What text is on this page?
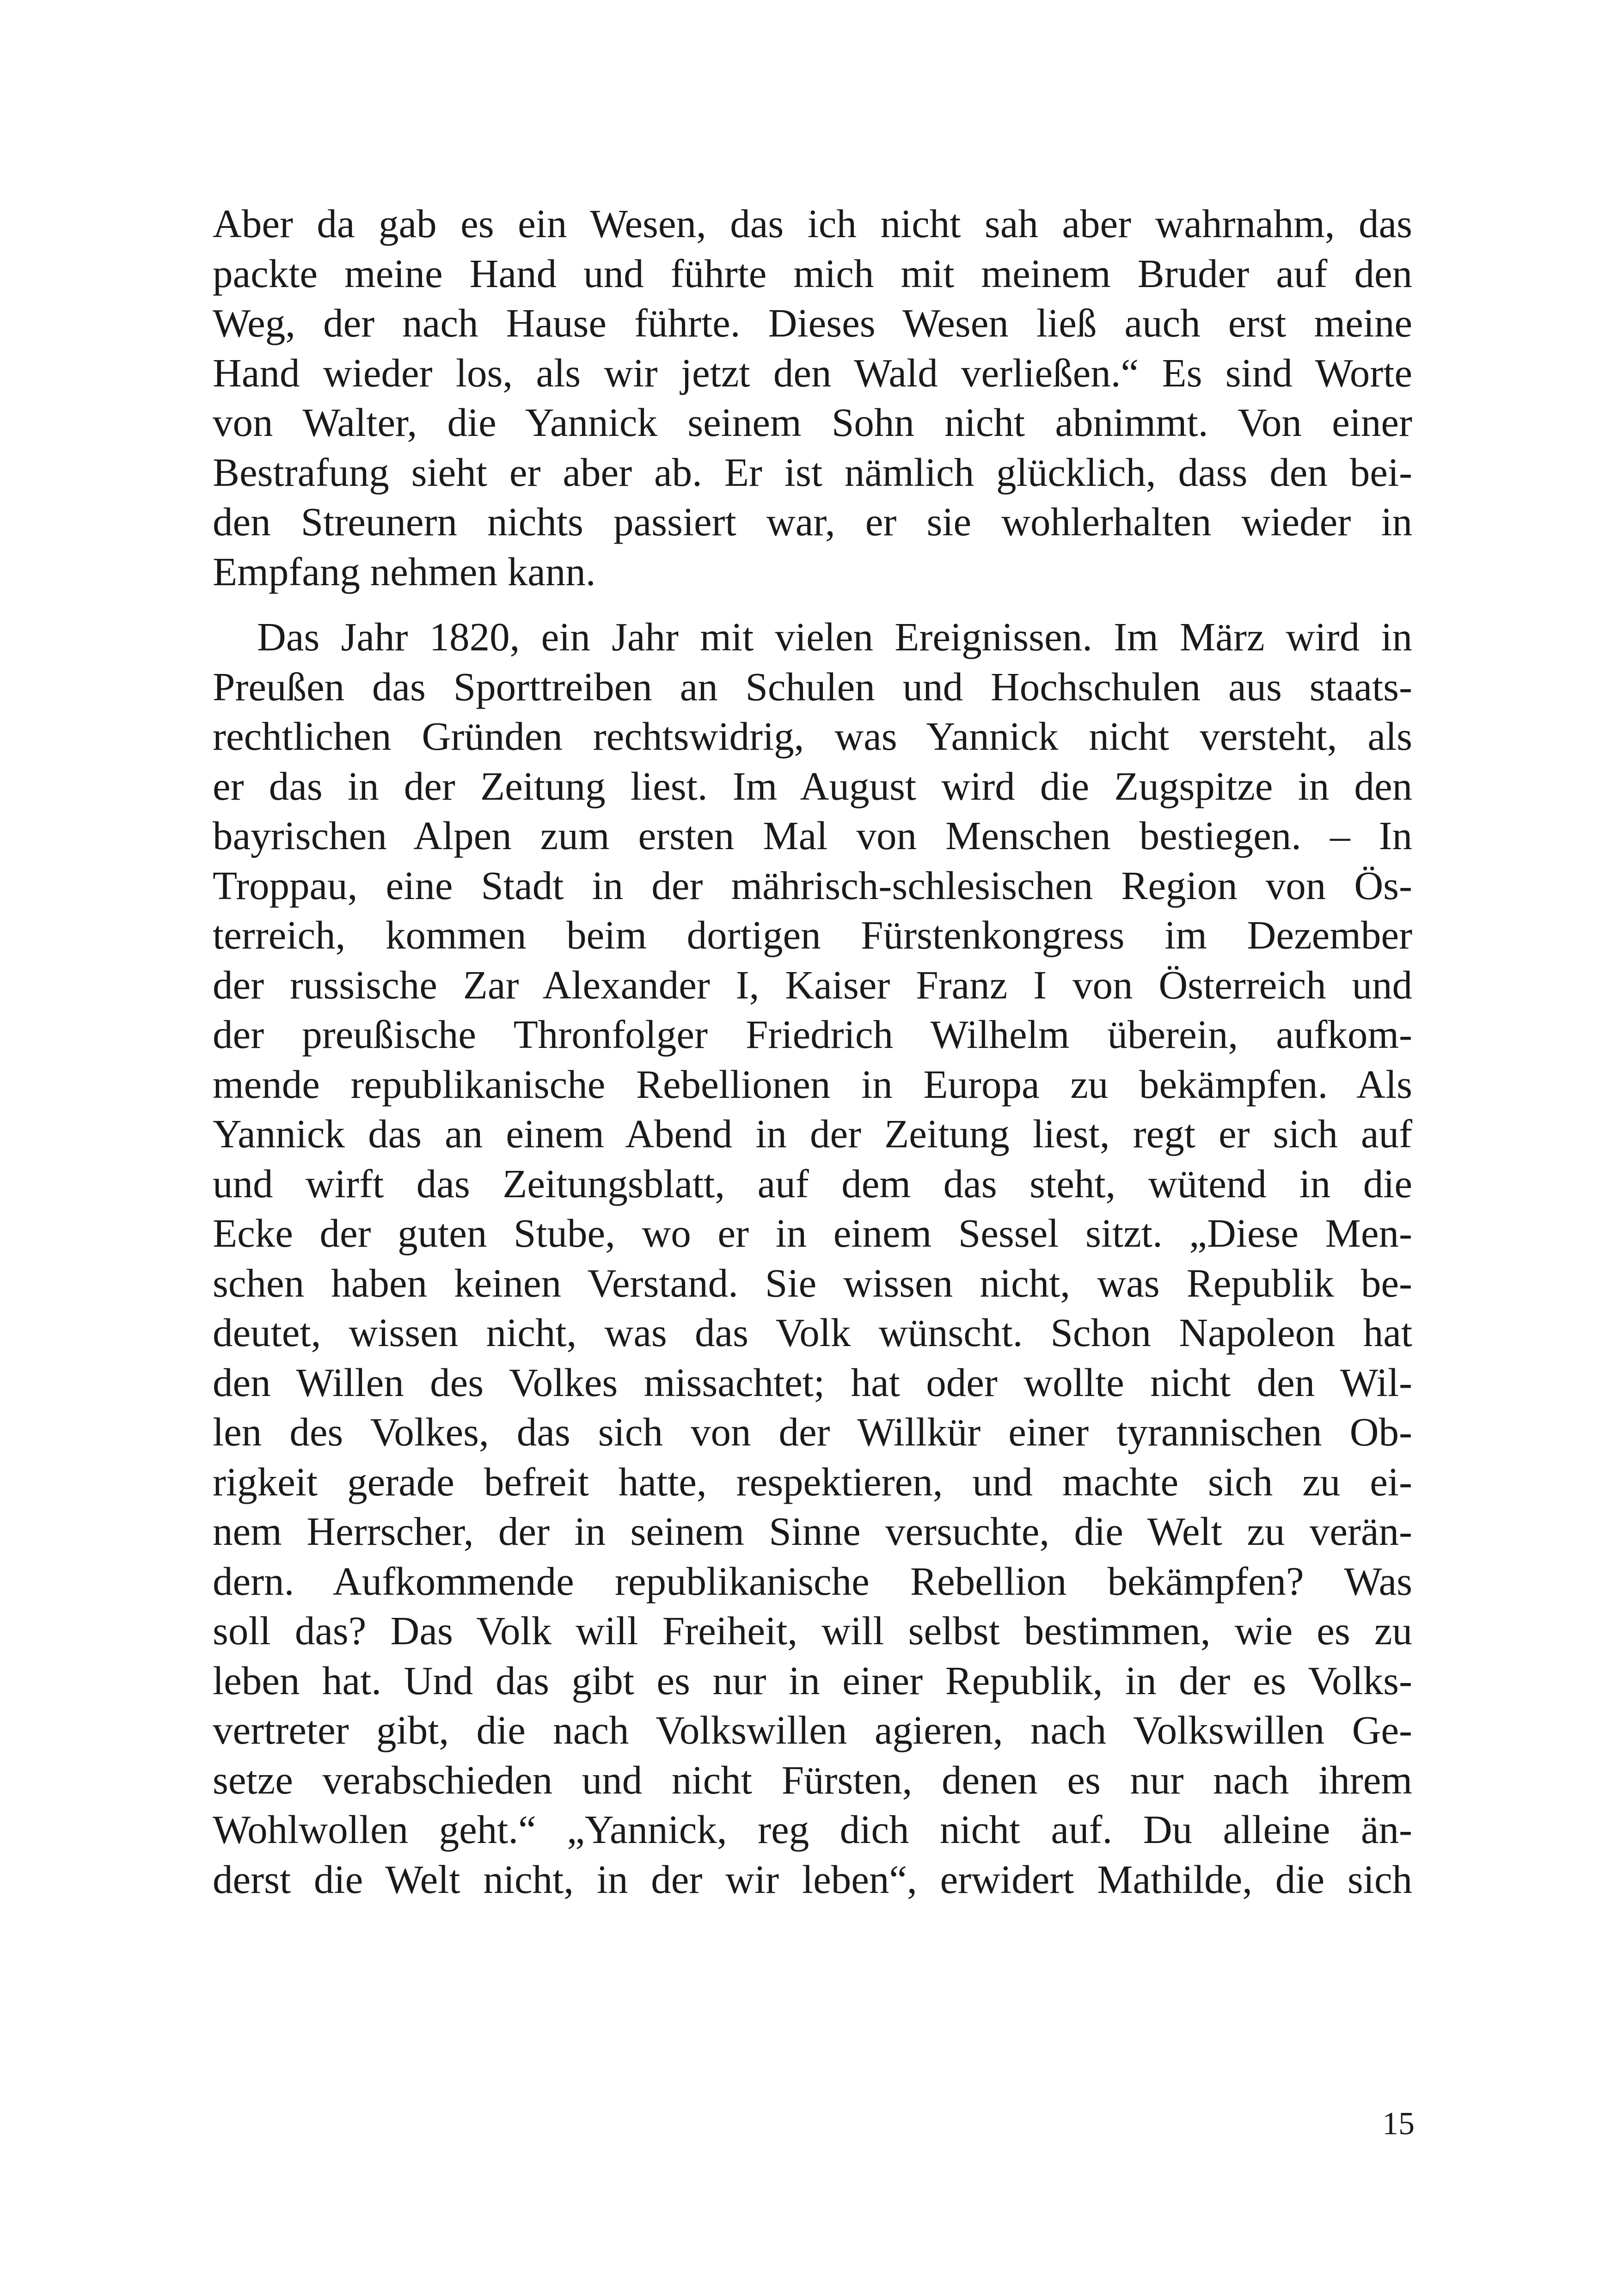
Aber da gab es ein Wesen, das ich nicht sah aber wahrnahm, das
packte meine Hand und führte mich mit meinem Bruder auf den
Weg, der nach Hause führte. Dieses Wesen ließ auch erst meine
Hand wieder los, als wir jetzt den Wald verließen.“ Es sind Worte
von Walter, die Yannick seinem Sohn nicht abnimmt. Von einer
Bestrafung sieht er aber ab. Er ist nämlich glücklich, dass den bei-
den Streunern nichts passiert war, er sie wohlerhalten wieder in
Empfang nehmen kann.

Das Jahr 1820, ein Jahr mit vielen Ereignissen. Im März wird in
Preußen das Sporttreiben an Schulen und Hochschulen aus staats-
rechtlichen Gründen rechtswidrig, was Yannick nicht versteht, als
er das in der Zeitung liest. Im August wird die Zugspitze in den
bayrischen Alpen zum ersten Mal von Menschen bestiegen. – In
Troppau, eine Stadt in der mährisch-schlesischen Region von Ös-
terreich, kommen beim dortigen Fürstenkongress im Dezember
der russische Zar Alexander I, Kaiser Franz I von Österreich und
der preußische Thronfolger Friedrich Wilhelm überein, aufkom-
mende republikanische Rebellionen in Europa zu bekämpfen. Als
Yannick das an einem Abend in der Zeitung liest, regt er sich auf
und wirft das Zeitungsblatt, auf dem das steht, wütend in die
Ecke der guten Stube, wo er in einem Sessel sitzt. „Diese Men-
schen haben keinen Verstand. Sie wissen nicht, was Republik be-
deutet, wissen nicht, was das Volk wünscht. Schon Napoleon hat
den Willen des Volkes missachtet; hat oder wollte nicht den Wil-
len des Volkes, das sich von der Willkür einer tyrannischen Ob-
rigkeit gerade befreit hatte, respektieren, und machte sich zu ei-
nem Herrscher, der in seinem Sinne versuchte, die Welt zu verän-
dern. Aufkommende republikanische Rebellion bekämpfen? Was
soll das? Das Volk will Freiheit, will selbst bestimmen, wie es zu
leben hat. Und das gibt es nur in einer Republik, in der es Volks-
vertreter gibt, die nach Volkswillen agieren, nach Volkswillen Ge-
setze verabschieden und nicht Fürsten, denen es nur nach ihrem
Wohlwollen geht.“ „Yannick, reg dich nicht auf. Du alleine än-
derst die Welt nicht, in der wir leben“, erwidert Mathilde, die sich

15
